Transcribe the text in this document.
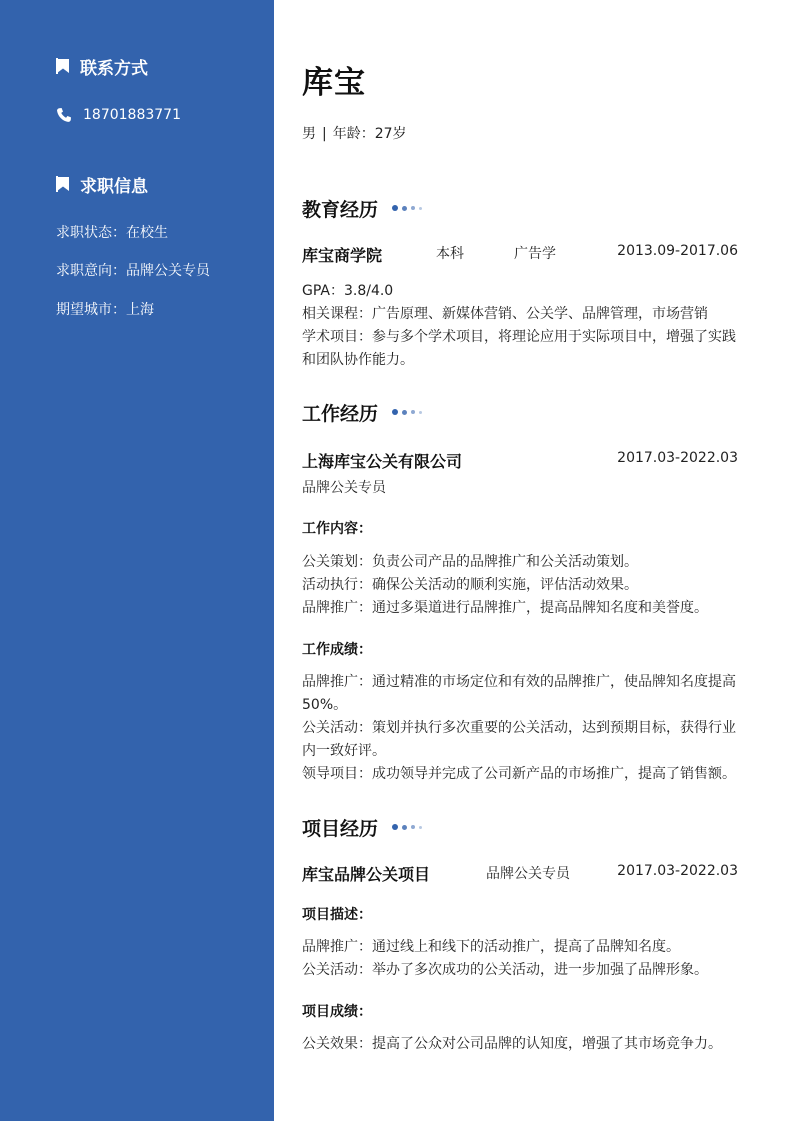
联系方式
18701883771
求职信息
求职状态：在校生
求职意向：品牌公关专员
期望城市：上海
库宝
男 | 年龄：27岁
教育经历
库宝商学院	本科	广告学	2013.09-2017.06
GPA：3.8/4.0
相关课程：广告原理、新媒体营销、公关学、品牌管理，市场营销
学术项目：参与多个学术项目，将理论应用于实际项目中，增强了实践和团队协作能力。
工作经历
上海库宝公关有限公司	2017.03-2022.03
品牌公关专员
工作内容：
公关策划：负责公司产品的品牌推广和公关活动策划。
活动执行：确保公关活动的顺利实施，评估活动效果。
品牌推广：通过多渠道进行品牌推广，提高品牌知名度和美誉度。
工作成绩：
品牌推广：通过精准的市场定位和有效的品牌推广，使品牌知名度提高50%。
公关活动：策划并执行多次重要的公关活动，达到预期目标，获得行业内一致好评。
领导项目：成功领导并完成了公司新产品的市场推广，提高了销售额。
项目经历
库宝品牌公关项目	品牌公关专员	2017.03-2022.03
项目描述：
品牌推广：通过线上和线下的活动推广，提高了品牌知名度。
公关活动：举办了多次成功的公关活动，进一步加强了品牌形象。
项目成绩：
公关效果：提高了公众对公司品牌的认知度，增强了其市场竞争力。
